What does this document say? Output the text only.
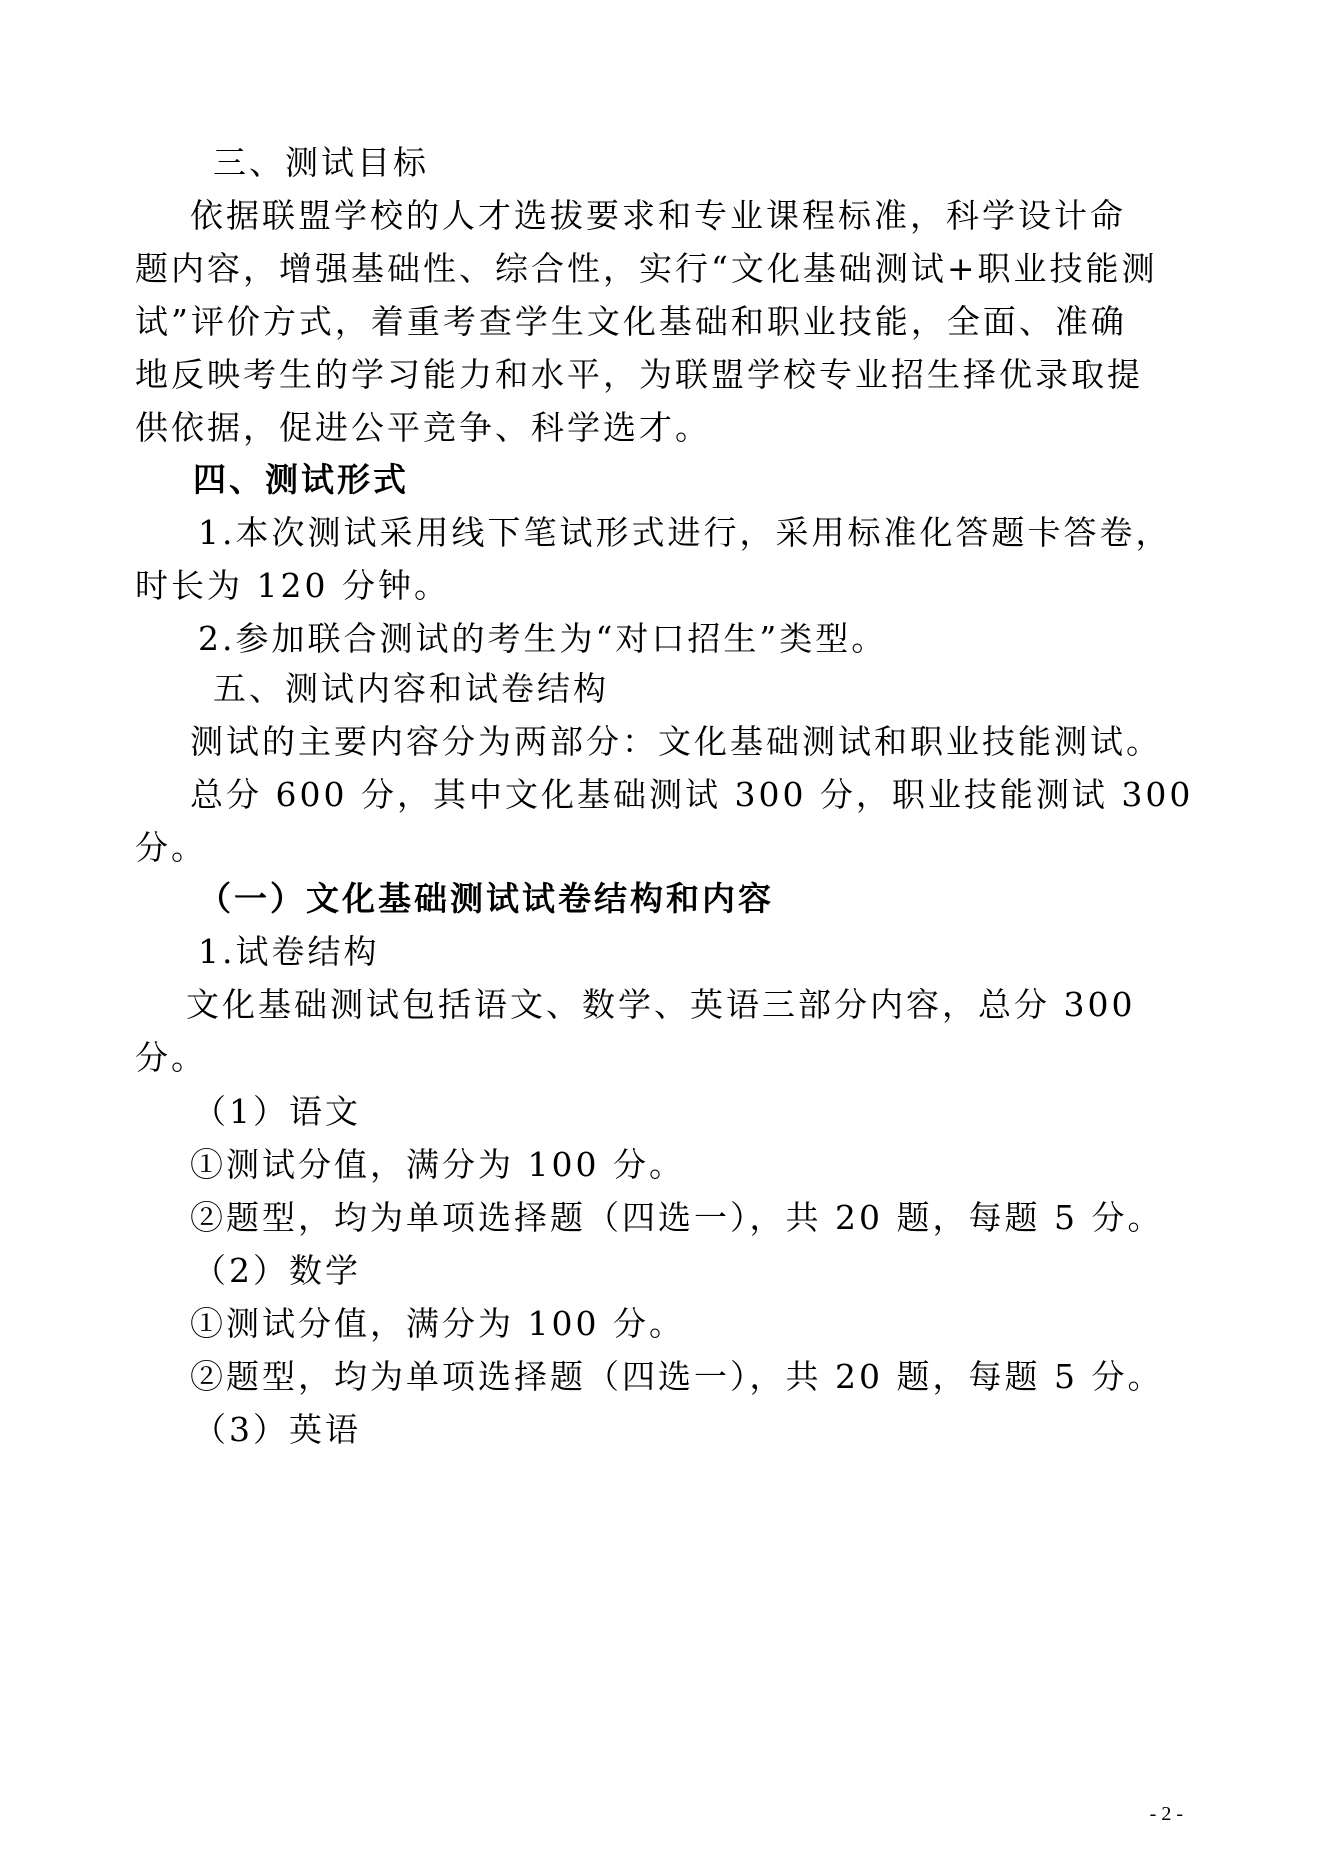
三、测试目标

依据联盟学校的人才选拔要求和专业课程标准，科学设计命

题内容，增强基础性、综合性，实行“文化基础测试+职业技能测

试”评价方式，着重考查学生文化基础和职业技能，全面、准确

地反映考生的学习能力和水平，为联盟学校专业招生择优录取提

供依据，促进公平竞争、科学选才。

四、测试形式

1.本次测试采用线下笔试形式进行，采用标准化答题卡答卷，

时长为 120 分钟。

2.参加联合测试的考生为“对口招生”类型。

五、测试内容和试卷结构

测试的主要内容分为两部分：文化基础测试和职业技能测试。

总分 600 分，其中文化基础测试 300 分，职业技能测试 300

分。

（一）文化基础测试试卷结构和内容

1.试卷结构

文化基础测试包括语文、数学、英语三部分内容，总分 300

分。

（1）语文

①测试分值，满分为 100 分。

②题型，均为单项选择题（四选一），共 20 题，每题 5 分。

（2）数学

①测试分值，满分为 100 分。

②题型，均为单项选择题（四选一），共 20 题，每题 5 分。

（3）英语

- 2 -
